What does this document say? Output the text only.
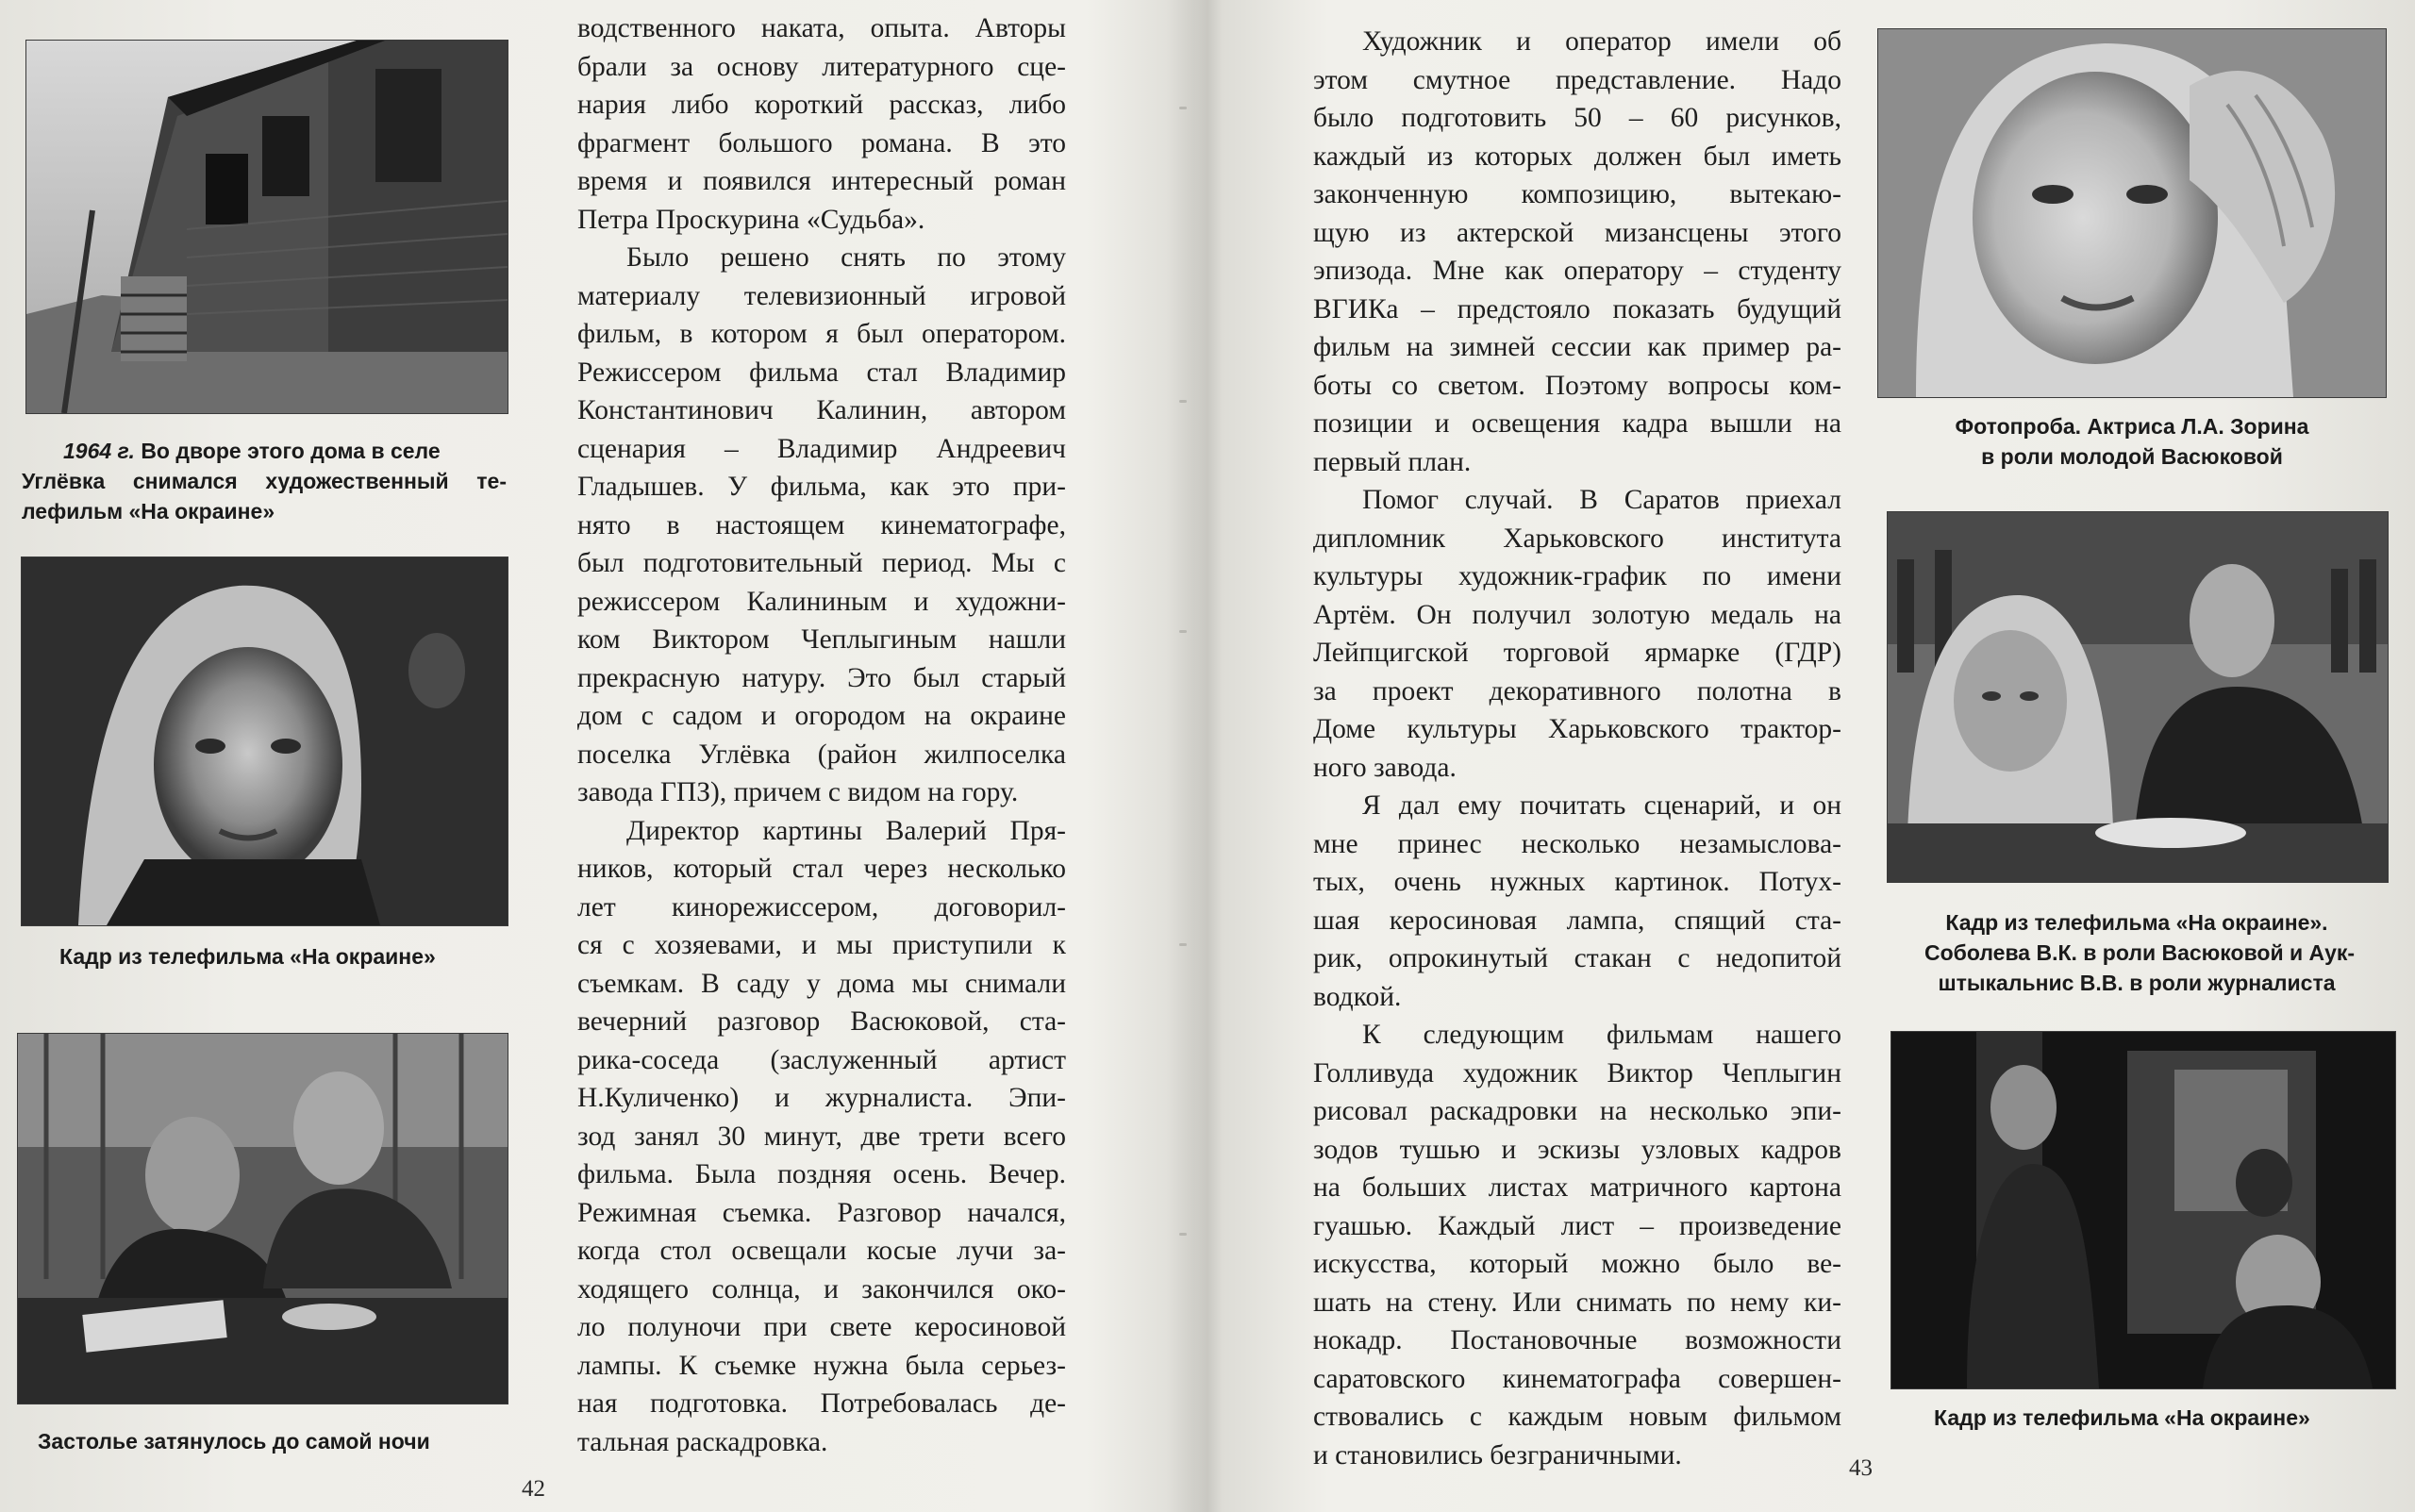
1964 г. Во дворе этого дома в селе
Углёвка снимался художественный те-
лефильм «На окраине»
Кадр из телефильма «На окраине»
Застолье затянулось до самой ночи
водственного наката, опыта. Авторы
брали за основу литературного сце-
нария либо короткий рассказ, либо
фрагмент большого романа. В это
время и появился интересный роман
Петра Проскурина «Судьба».
Было решено снять по этому
материалу телевизионный игровой
фильм, в котором я был оператором.
Режиссером фильма стал Владимир
Константинович Калинин, автором
сценария – Владимир Андреевич
Гладышев. У фильма, как это при-
нято в настоящем кинематографе,
был подготовительный период. Мы с
режиссером Калининым и художни-
ком Виктором Чеплыгиным нашли
прекрасную натуру. Это был старый
дом с садом и огородом на окраине
поселка Углёвка (район жилпоселка
завода ГПЗ), причем с видом на гору.
Директор картины Валерий Пря-
ников, который стал через несколько
лет кинорежиссером, договорил-
ся с хозяевами, и мы приступили к
съемкам. В саду у дома мы снимали
вечерний разговор Васюковой, ста-
рика-соседа (заслуженный артист
Н.Куличенко) и журналиста. Эпи-
зод занял 30 минут, две трети всего
фильма. Была поздняя осень. Вечер.
Режимная съемка. Разговор начался,
когда стол освещали косые лучи за-
ходящего солнца, и закончился око-
ло полуночи при свете керосиновой
лампы. К съемке нужна была серьез-
ная подготовка. Потребовалась де-
тальная раскадровка.
42
Художник и оператор имели об
этом смутное представление. Надо
было подготовить 50 – 60 рисунков,
каждый из которых должен был иметь
законченную композицию, вытекаю-
щую из актерской мизансцены этого
эпизода. Мне как оператору – студенту
ВГИКа – предстояло показать будущий
фильм на зимней сессии как пример ра-
боты со светом. Поэтому вопросы ком-
позиции и освещения кадра вышли на
первый план.
Помог случай. В Саратов приехал
дипломник Харьковского института
культуры художник-график по имени
Артём. Он получил золотую медаль на
Лейпцигской торговой ярмарке (ГДР)
за проект декоративного полотна в
Доме культуры Харьковского трактор-
ного завода.
Я дал ему почитать сценарий, и он
мне принес несколько незамыслова-
тых, очень нужных картинок. Потух-
шая керосиновая лампа, спящий ста-
рик, опрокинутый стакан с недопитой
водкой.
К следующим фильмам нашего
Голливуда художник Виктор Чеплыгин
рисовал раскадровки на несколько эпи-
зодов тушью и эскизы узловых кадров
на больших листах матричного картона
гуашью. Каждый лист – произведение
искусства, который можно было ве-
шать на стену. Или снимать по нему ки-
нокадр. Постановочные возможности
саратовского кинематографа совершен-
ствовались с каждым новым фильмом
и становились безграничными.
Фотопроба. Актриса Л.А. Зорина
в роли молодой Васюковой
Кадр из телефильма «На окраине».
Соболева В.К. в роли Васюковой и Аук-
штыкальнис В.В. в роли журналиста
Кадр из телефильма «На окраине»
43
